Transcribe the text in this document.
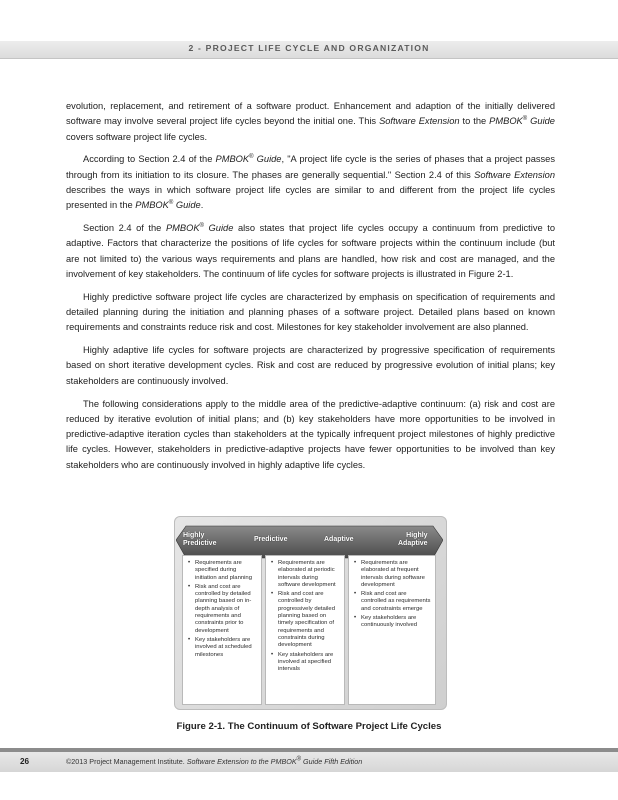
2 - PROJECT LIFE CYCLE AND ORGANIZATION

evolution, replacement, and retirement of a software product. Enhancement and adaption of the initially delivered software may involve several project life cycles beyond the initial one. This Software Extension to the PMBOK® Guide covers software project life cycles.

According to Section 2.4 of the PMBOK® Guide, "A project life cycle is the series of phases that a project passes through from its initiation to its closure. The phases are generally sequential." Section 2.4 of this Software Extension describes the ways in which software project life cycles are similar to and different from the project life cycles presented in the PMBOK® Guide.

Section 2.4 of the PMBOK® Guide also states that project life cycles occupy a continuum from predictive to adaptive. Factors that characterize the positions of life cycles for software projects within the continuum include (but are not limited to) the various ways requirements and plans are handled, how risk and cost are managed, and the involvement of key stakeholders. The continuum of life cycles for software projects is illustrated in Figure 2-1.

Highly predictive software project life cycles are characterized by emphasis on specification of requirements and detailed planning during the initiation and planning phases of a software project. Detailed plans based on known requirements and constraints reduce risk and cost. Milestones for key stakeholder involvement are also planned.

Highly adaptive life cycles for software projects are characterized by progressive specification of requirements based on short iterative development cycles. Risk and cost are reduced by progressive evolution of initial plans; key stakeholders are continuously involved.

The following considerations apply to the middle area of the predictive-adaptive continuum: (a) risk and cost are reduced by iterative evolution of initial plans; and (b) key stakeholders have more opportunities to be involved in predictive-adaptive iteration cycles than stakeholders at the typically infrequent project milestones of highly predictive life cycles. However, stakeholders in predictive-adaptive projects have fewer opportunities to be involved than key stakeholders who are continuously involved in highly adaptive life cycles.

Highly
Predictive
Predictive	Adaptive
Highly
Adaptive
• Requirements are specified during initiation and planning
• Risk and cost are controlled by detailed planning based on in-depth analysis of requirements and constraints prior to development
• Key stakeholders are involved at scheduled milestones
• Requirements are elaborated at periodic intervals during software development
• Risk and cost are controlled by progressively detailed planning based on timely specification of requirements and constraints during development
• Key stakeholders are involved at specified intervals
• Requirements are elaborated at frequent intervals during software development
• Risk and cost are controlled as requirements and constraints emerge
• Key stakeholders are continuously involved
Figure 2-1. The Continuum of Software Project Life Cycles
26	©2013 Project Management Institute. Software Extension to the PMBOK® Guide Fifth Edition
